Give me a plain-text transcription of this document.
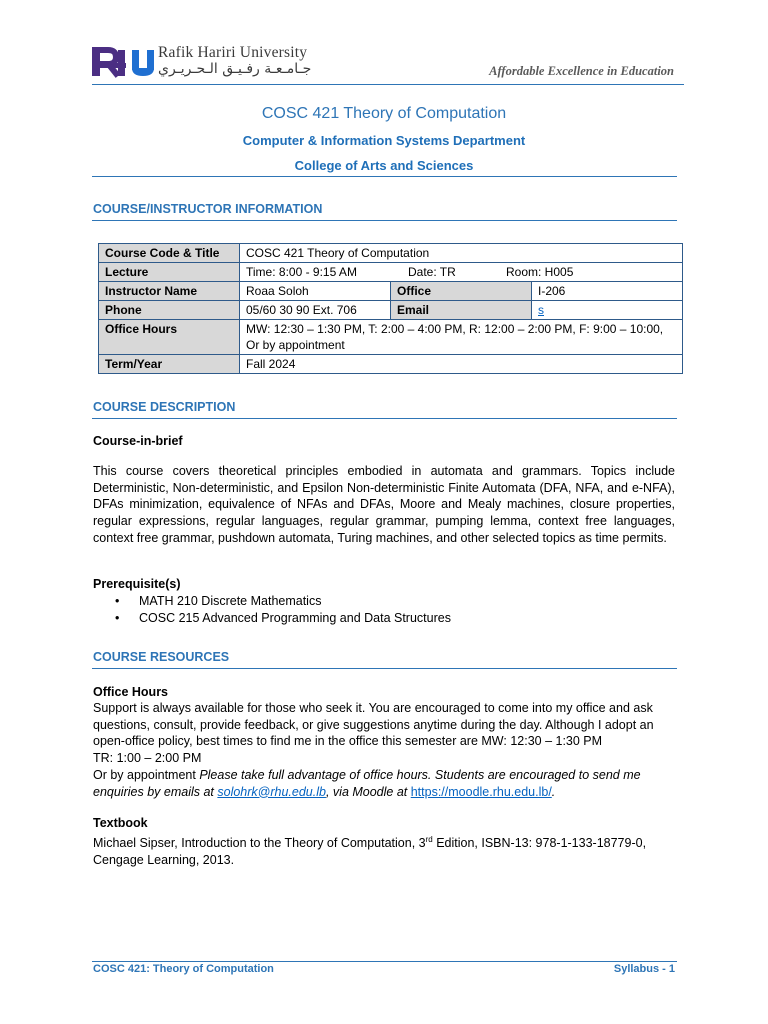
Rafik Hariri University
جـامـعـة رفـيـق الـحـريـري	Affordable Excellence in Education
COSC 421 Theory of Computation
Computer & Information Systems Department
College of Arts and Sciences
COURSE/INSTRUCTOR INFORMATION
Course Code & Title	COSC 421 Theory of Computation		
Lecture	Time: 8:00 - 9:15 AM Date: TR Room: H005		
Instructor Name	Roaa Soloh	Office	I-206
Phone	05/60 30 90 Ext. 706	Email	s
Office Hours	MW: 12:30 – 1:30 PM, T: 2:00 – 4:00 PM, R: 12:00 – 2:00 PM, F: 9:00 – 10:00, Or by appointment		
Term/Year	Fall 2024		
COURSE DESCRIPTION
Course-in-brief
This course covers theoretical principles embodied in automata and grammars. Topics include Deterministic, Non-deterministic, and Epsilon Non-deterministic Finite Automata (DFA, NFA, and e-NFA), DFAs minimization, equivalence of NFAs and DFAs, Moore and Mealy machines, closure properties, regular expressions, regular languages, regular grammar, pumping lemma, context free languages, context free grammar, pushdown automata, Turing machines, and other selected topics as time permits.
Prerequisite(s)
• MATH 210 Discrete Mathematics
• COSC 215 Advanced Programming and Data Structures
COURSE RESOURCES
Office Hours
Support is always available for those who seek it. You are encouraged to come into my office and ask questions, consult, provide feedback, or give suggestions anytime during the day. Although I adopt an open-office policy, best times to find me in the office this semester are MW: 12:30 – 1:30 PM
TR: 1:00 – 2:00 PM
Or by appointment Please take full advantage of office hours. Students are encouraged to send me enquiries by emails at solohrk@rhu.edu.lb, via Moodle at https://moodle.rhu.edu.lb/.
Textbook
Michael Sipser, Introduction to the Theory of Computation, 3rd Edition, ISBN-13: 978-1-133-18779-0, Cengage Learning, 2013.
COSC 421: Theory of Computation	Syllabus - 1
